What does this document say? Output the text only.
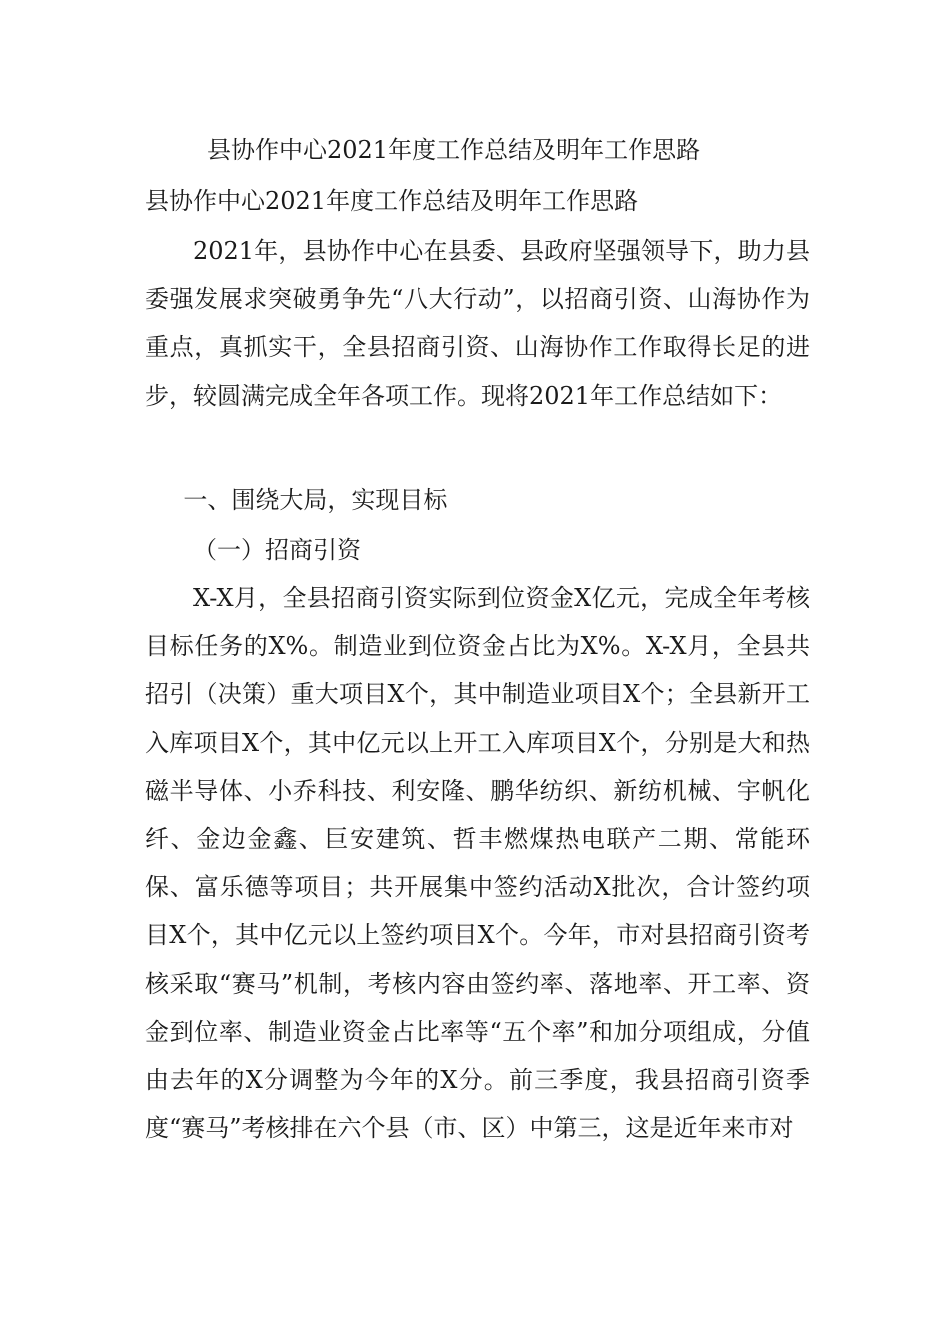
县协作中心2021年度工作总结及明年工作思路
县协作中心2021年度工作总结及明年工作思路

2021年，县协作中心在县委、县政府坚强领导下，助力县委强发展求突破勇争先“八大行动”，以招商引资、山海协作为重点，真抓实干，全县招商引资、山海协作工作取得长足的进步，较圆满完成全年各项工作。现将2021年工作总结如下：

一、围绕大局，实现目标

（一）招商引资

X-X月，全县招商引资实际到位资金X亿元，完成全年考核目标任务的X%。制造业到位资金占比为X%。X-X月，全县共招引（决策）重大项目X个，其中制造业项目X个；全县新开工入库项目X个，其中亿元以上开工入库项目X个，分别是大和热磁半导体、小乔科技、利安隆、鹏华纺织、新纺机械、宇帆化纤、金边金鑫、巨安建筑、哲丰燃煤热电联产二期、常能环保、富乐德等项目；共开展集中签约活动X批次，合计签约项目X个，其中亿元以上签约项目X个。今年，市对县招商引资考核采取“赛马”机制，考核内容由签约率、落地率、开工率、资金到位率、制造业资金占比率等“五个率”和加分项组成，分值由去年的X分调整为今年的X分。前三季度，我县招商引资季度“赛马”考核排在六个县（市、区）中第三，这是近年来市对
